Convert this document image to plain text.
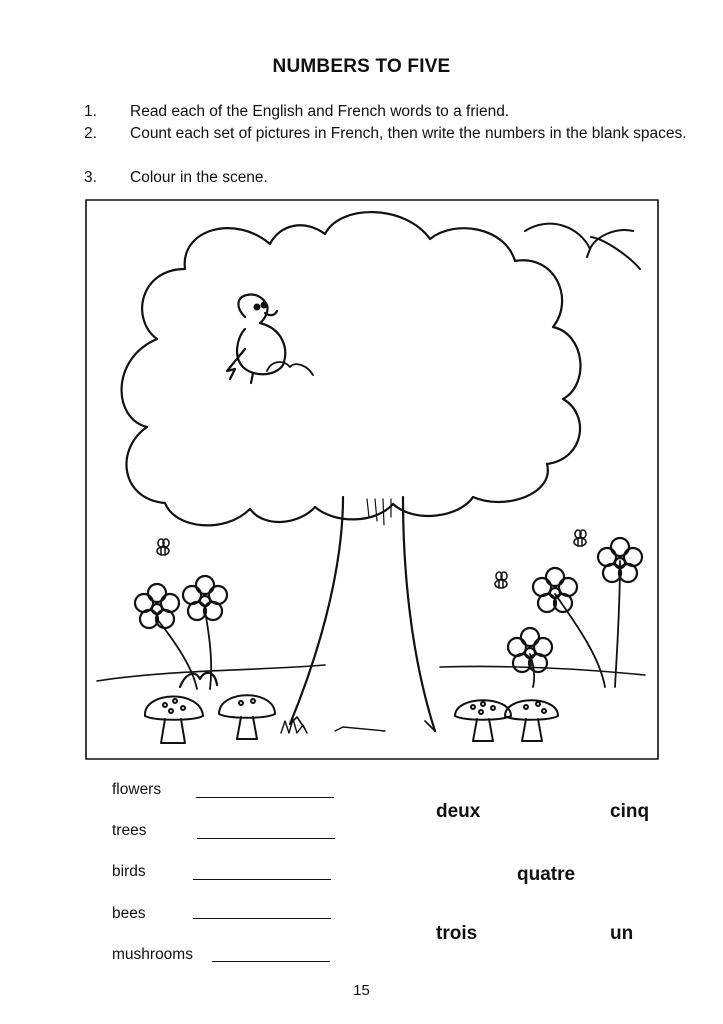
NUMBERS TO FIVE
1. Read each of the English and French words to a friend.
2. Count each set of pictures in French, then write the numbers in the blank spaces.
3. Colour in the scene.
flowers
trees
birds
bees
mushrooms
deux	cinq
quatre
trois	un
15
